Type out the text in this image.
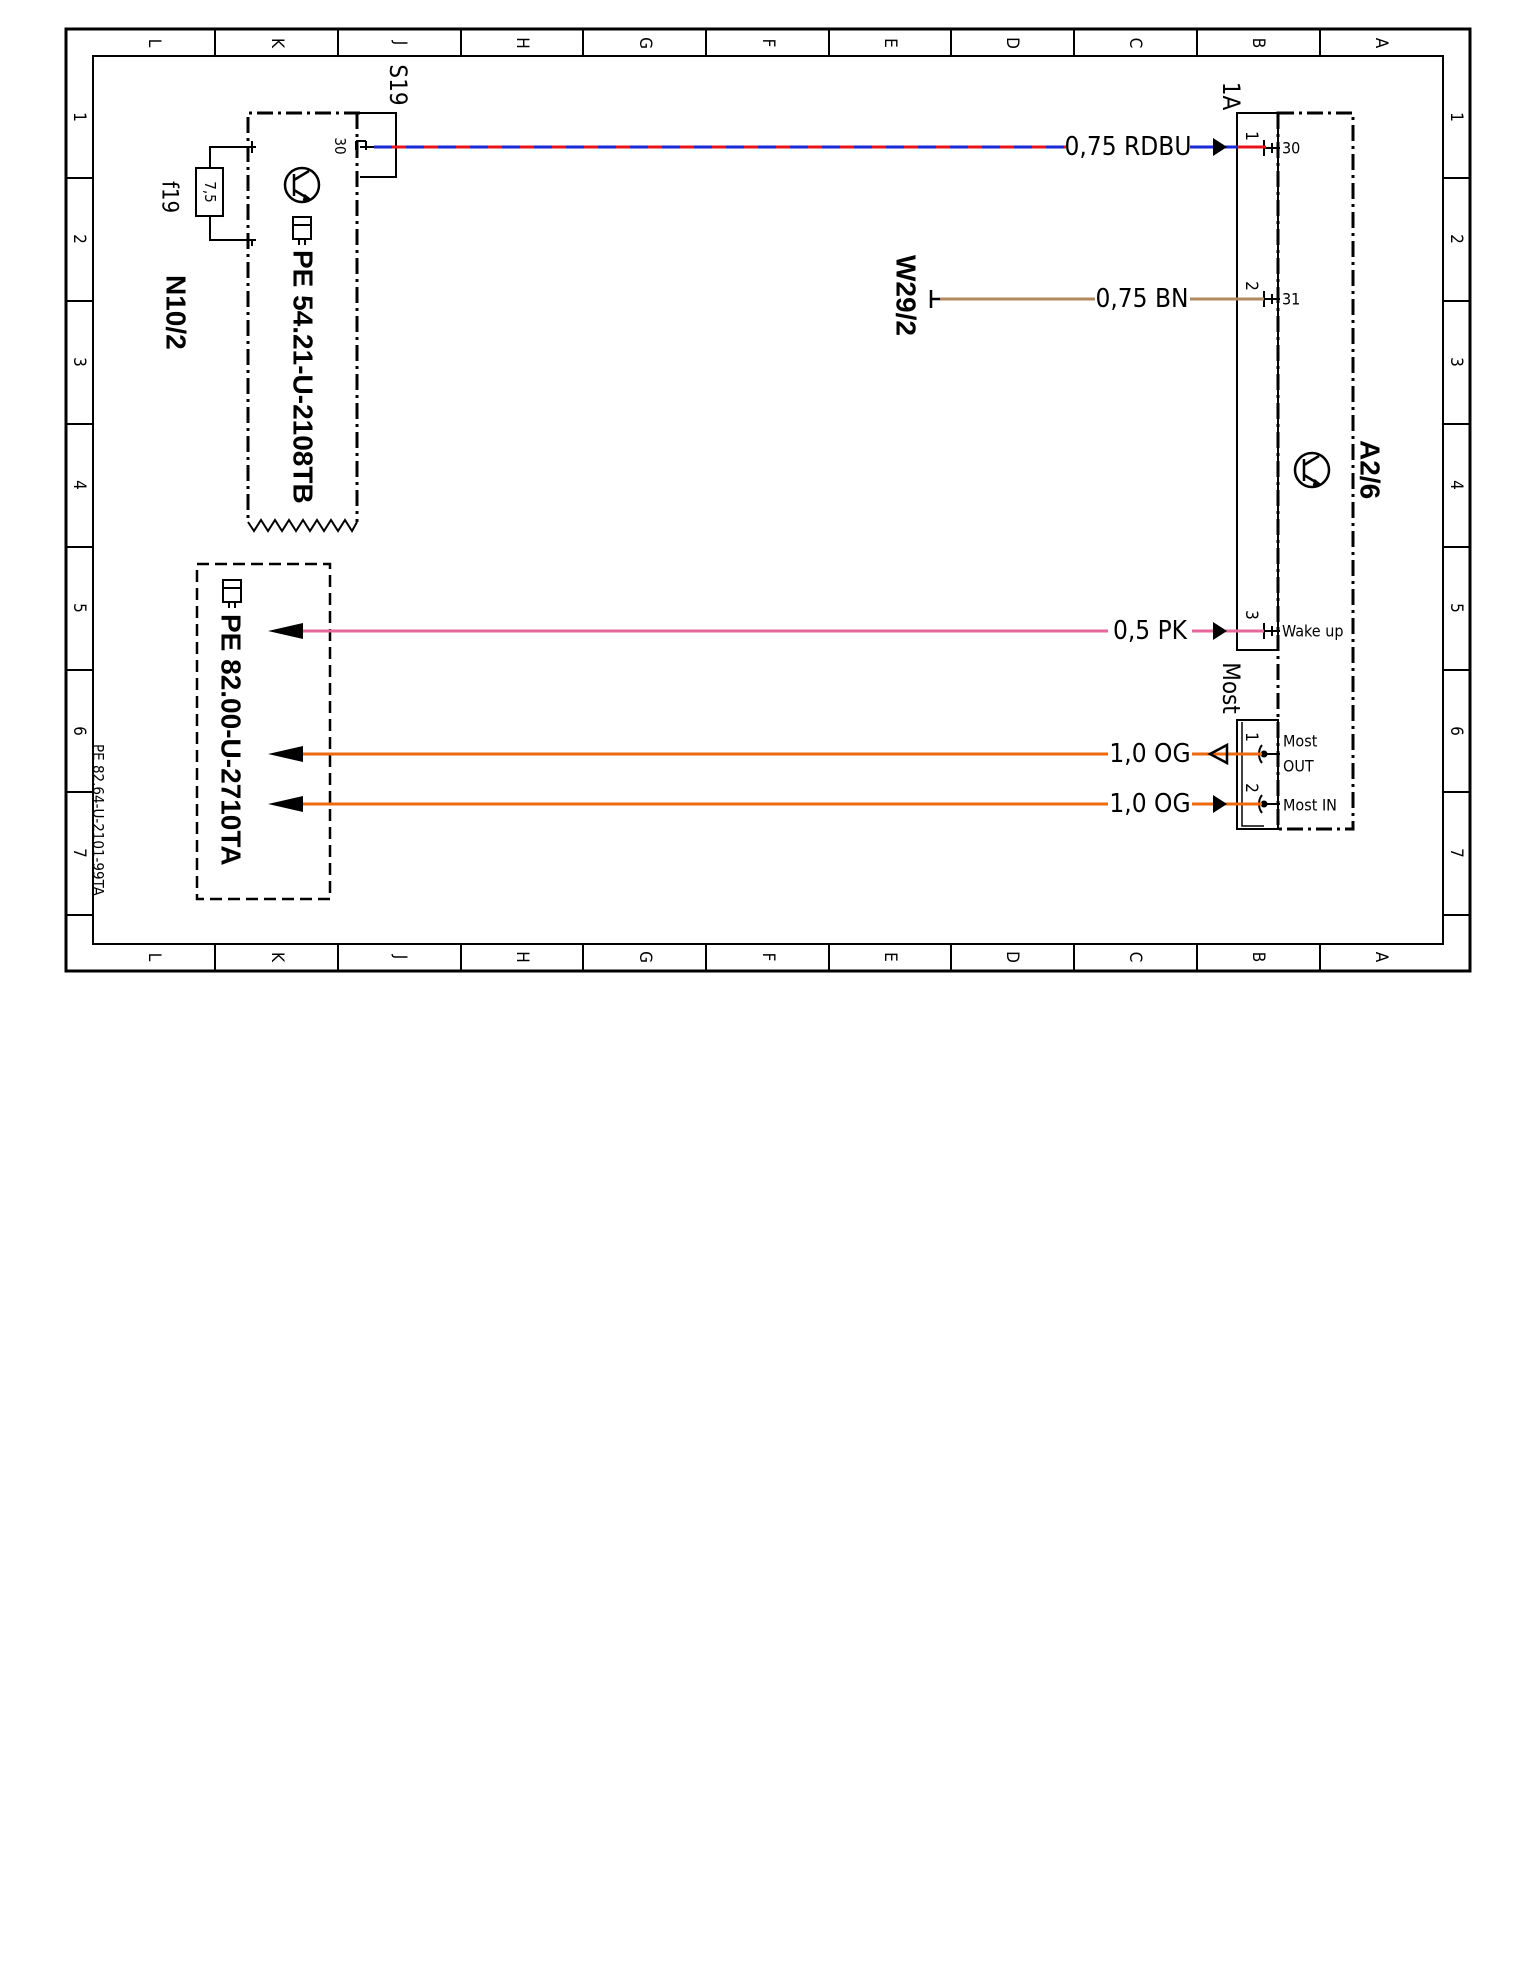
L	K	J	H	G	F	E	D	C	B	A
L	K	J	H	G	F	E	D	C	B	A
1
2
3
4
5
6
7
1
2
3
4
5
6
7
PE 82.64-U-2101-99TA
7,5
f19
PE 54.21-U-2108TB
N10/2
S19
30
PE 82.00-U-2710TA
A2/6
1A
Most
1
30
2
31
3
Wake up
1 Most
OUT
2
Most IN
W29/2
0,75 RDBU
0,75 BN
0,5 PK
1,0 OG
1,0 OG
